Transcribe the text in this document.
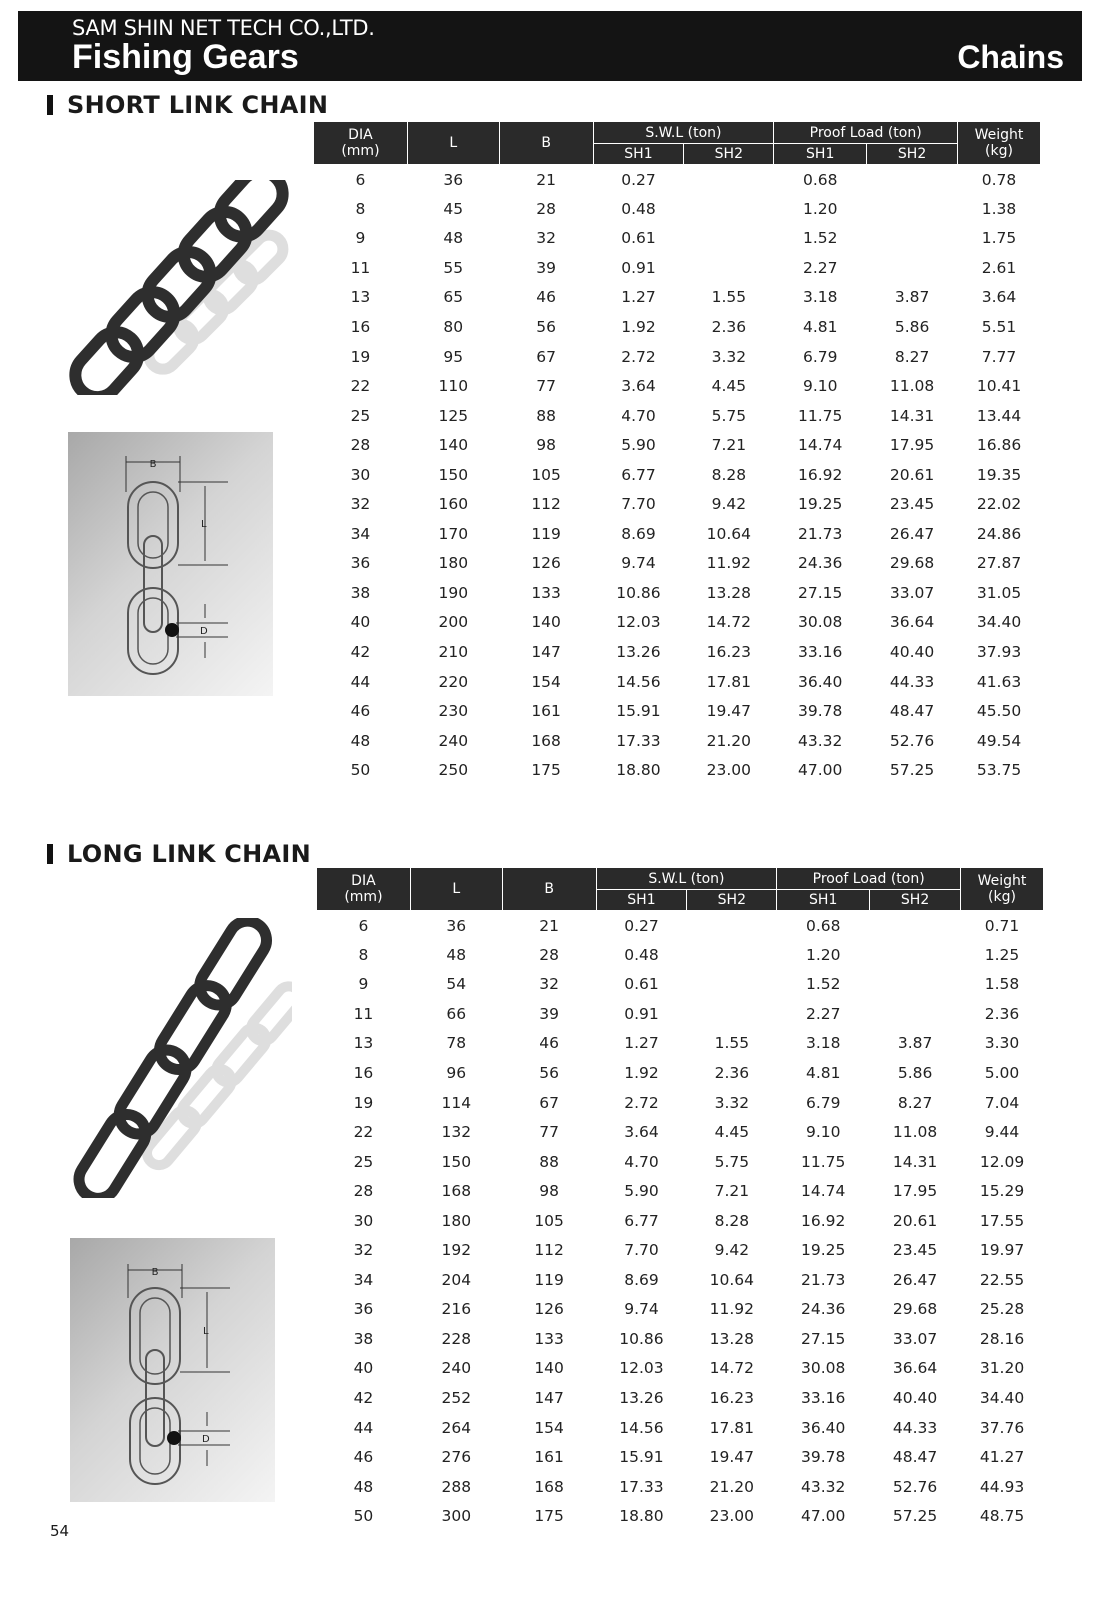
SAM SHIN NET TECH CO.,LTD.
Fishing Gears	Chains
SHORT LINK CHAIN
B
L
D
DIA
(mm)	L	B	S.W.L (ton)		Proof Load (ton)		Weight
(kg)
			SH1	SH2	SH1	SH2	
6	36	21	0.27		0.68		0.78
8	45	28	0.48		1.20		1.38
9	48	32	0.61		1.52		1.75
11	55	39	0.91		2.27		2.61
13	65	46	1.27	1.55	3.18	3.87	3.64
16	80	56	1.92	2.36	4.81	5.86	5.51
19	95	67	2.72	3.32	6.79	8.27	7.77
22	110	77	3.64	4.45	9.10	11.08	10.41
25	125	88	4.70	5.75	11.75	14.31	13.44
28	140	98	5.90	7.21	14.74	17.95	16.86
30	150	105	6.77	8.28	16.92	20.61	19.35
32	160	112	7.70	9.42	19.25	23.45	22.02
34	170	119	8.69	10.64	21.73	26.47	24.86
36	180	126	9.74	11.92	24.36	29.68	27.87
38	190	133	10.86	13.28	27.15	33.07	31.05
40	200	140	12.03	14.72	30.08	36.64	34.40
42	210	147	13.26	16.23	33.16	40.40	37.93
44	220	154	14.56	17.81	36.40	44.33	41.63
46	230	161	15.91	19.47	39.78	48.47	45.50
48	240	168	17.33	21.20	43.32	52.76	49.54
50	250	175	18.80	23.00	47.00	57.25	53.75
LONG LINK CHAIN
B
L
D
DIA
(mm)	L	B	S.W.L (ton)		Proof Load (ton)		Weight
(kg)
			SH1	SH2	SH1	SH2	
6	36	21	0.27		0.68		0.71
8	48	28	0.48		1.20		1.25
9	54	32	0.61		1.52		1.58
11	66	39	0.91		2.27		2.36
13	78	46	1.27	1.55	3.18	3.87	3.30
16	96	56	1.92	2.36	4.81	5.86	5.00
19	114	67	2.72	3.32	6.79	8.27	7.04
22	132	77	3.64	4.45	9.10	11.08	9.44
25	150	88	4.70	5.75	11.75	14.31	12.09
28	168	98	5.90	7.21	14.74	17.95	15.29
30	180	105	6.77	8.28	16.92	20.61	17.55
32	192	112	7.70	9.42	19.25	23.45	19.97
34	204	119	8.69	10.64	21.73	26.47	22.55
36	216	126	9.74	11.92	24.36	29.68	25.28
38	228	133	10.86	13.28	27.15	33.07	28.16
40	240	140	12.03	14.72	30.08	36.64	31.20
42	252	147	13.26	16.23	33.16	40.40	34.40
44	264	154	14.56	17.81	36.40	44.33	37.76
46	276	161	15.91	19.47	39.78	48.47	41.27
48	288	168	17.33	21.20	43.32	52.76	44.93
50	300	175	18.80	23.00	47.00	57.25	48.75
54
